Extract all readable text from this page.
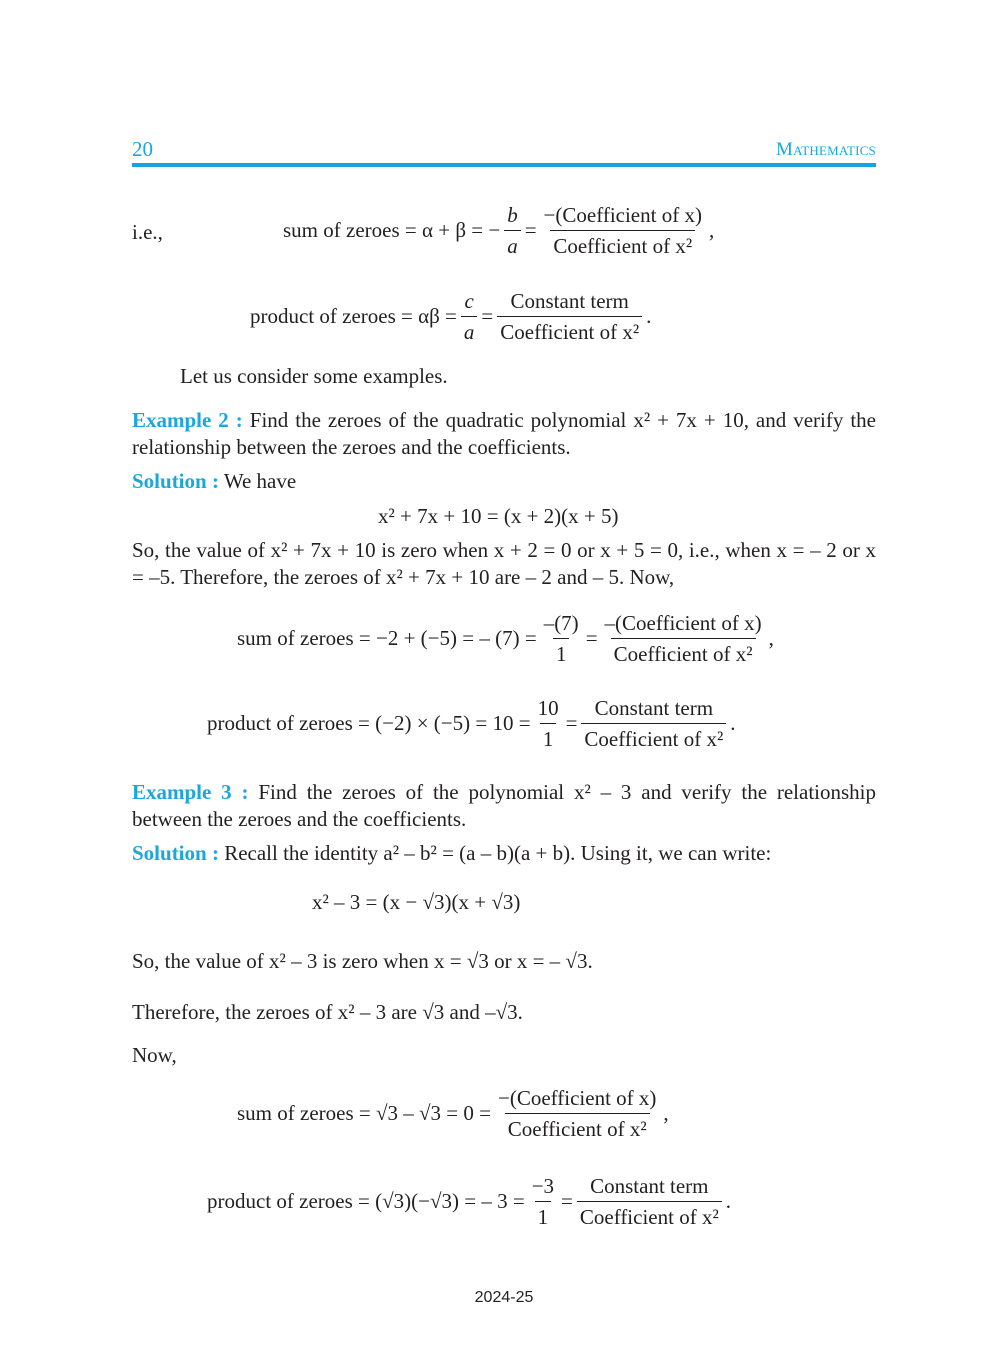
20	Mathematics
i.e.,	sum of zeroes = α + β = − $\frac{b}{a} = \frac{\text{−(Coefficient of x)}}{\text{Coefficient of x²}}$ ,
product of zeroes = $\alpha\beta = \frac{c}{a} = \frac{\text{Constant term}}{\text{Coefficient of x²}}$ .
Let us consider some examples.
Example 2 : Find the zeroes of the quadratic polynomial x² + 7x + 10, and verify the relationship between the zeroes and the coefficients.
Solution : We have
x² + 7x + 10 = (x + 2)(x + 5)
So, the value of x² + 7x + 10 is zero when x + 2 = 0 or x + 5 = 0, i.e., when x = – 2 or x = –5. Therefore, the zeroes of x² + 7x + 10 are – 2 and – 5. Now,
sum of zeroes =
−2 + (−5) = – $(7) = \frac{-(7)}{1} = \frac{\text{–(Coefficient of x)}}{\text{Coefficient of x²}}$ ,
product of zeroes =
$(-2) \times (-5) = 10 = \frac{10}{1} = \frac{\text{Constant term}}{\text{Coefficient of x²}}$ .
Example 3 : Find the zeroes of the polynomial x² – 3 and verify the relationship between the zeroes and the coefficients.
Solution : Recall the identity a² – b² = (a – b)(a + b). Using it, we can write:
x² – 3 = (x − √3)(x + √3)
So, the value of x² – 3 is zero when x = √3 or x = – √3.
Therefore, the zeroes of x² – 3 are √3 and –√3.
Now,
sum of zeroes =
$√3 - √3 = 0 = \frac{\text{−(Coefficient of x)}}{\text{Coefficient of x²}}$ ,
product of zeroes =
(√3)(−√3) = – $3 = \frac{-3}{1} = \frac{\text{Constant term}}{\text{Coefficient of x²}}$ .
2024-25
